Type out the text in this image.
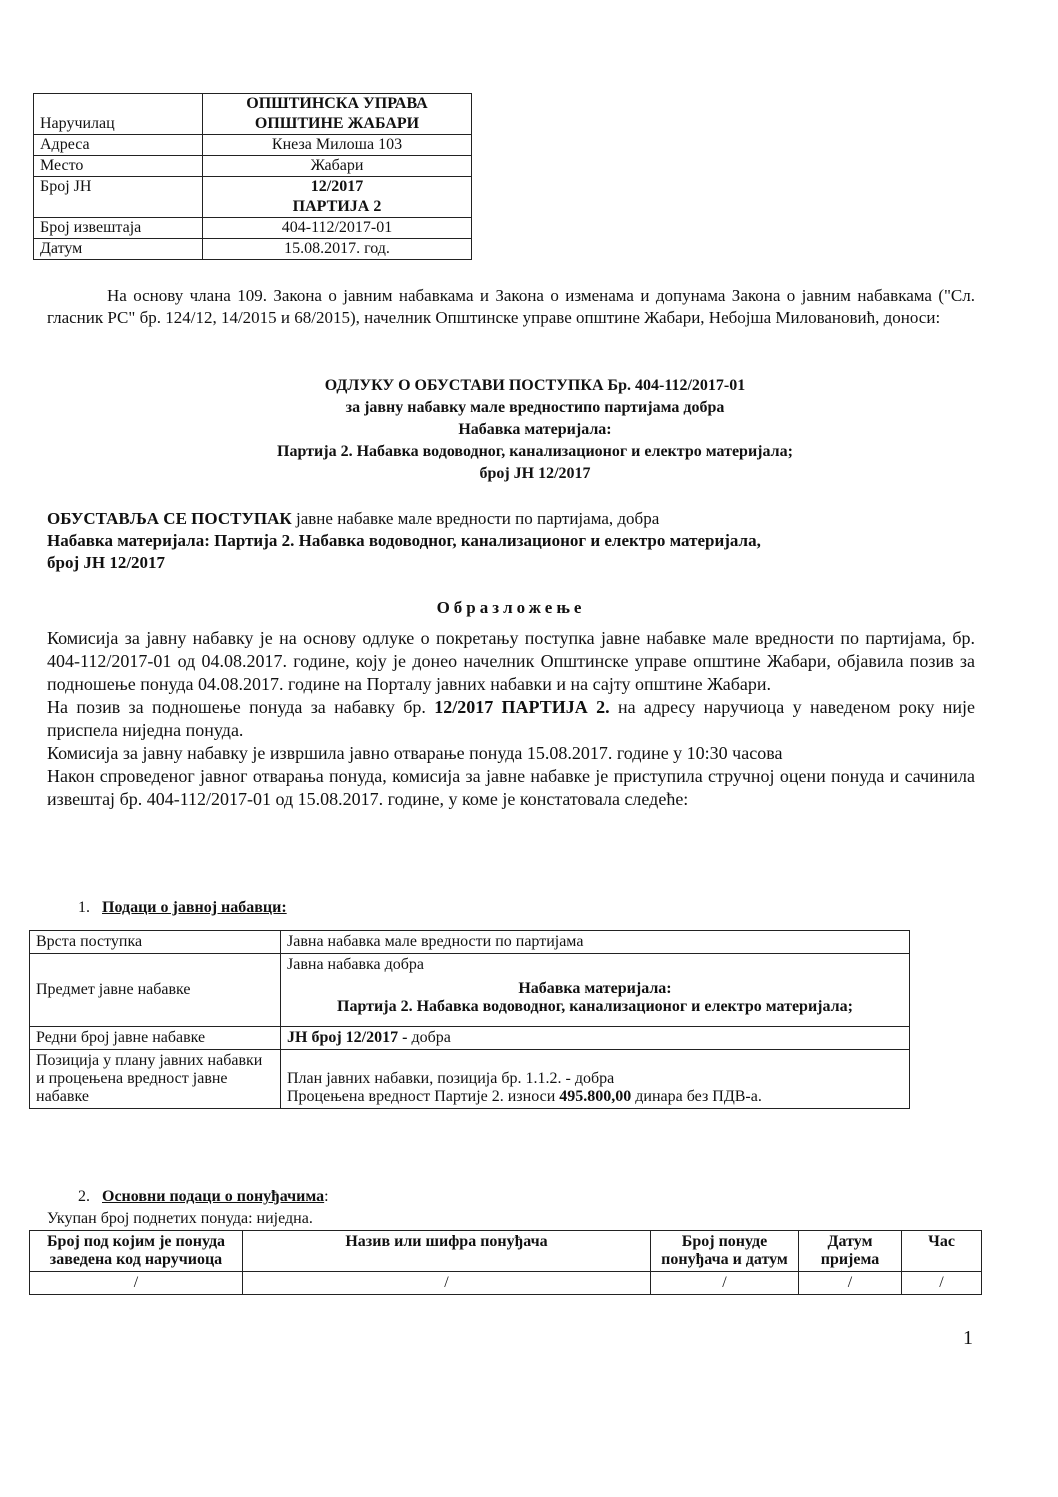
Наручилац	ОПШТИНСКА УПРАВА
ОПШТИНЕ ЖАБАРИ

Адреса	Кнеза Милоша 103
Место	Жабари
Број ЈН	12/2017
ПАРТИЈА 2

Број извештаја	404-112/2017-01
Датум	15.08.2017. год.
На основу члана 109. Закона о јавним набавкама и Закона о изменама и допунама Закона о јавним набавкама ("Сл. гласник РС" бр. 124/12, 14/2015 и 68/2015), начелник Општинске управе општине Жабари, Небојша Миловановић, доноси:
ОДЛУКУ О ОБУСТАВИ ПОСТУПКА Бр. 404-112/2017-01
за јавну набавку мале вредностипо партијама добра
Набавка материјала:
Партија 2. Набавка водоводног, канализационог и електро материјала;
број ЈН 12/2017
ОБУСТАВЉА СЕ ПОСТУПАК јавне набавке мале вредности по партијама, добра
Набавка материјала: Партија 2. Набавка водоводног, канализационог и електро материјала,
број ЈН 12/2017
Образложење

Комисија за јавну набавку је на основу одлуке о покретању поступка јавне набавке мале вредности по партијама, бр. 404-112/2017-01 од 04.08.2017. године, коју је донео начелник Општинске управе општине Жабари, објавила позив за подношење понуда 04.08.2017. године на Порталу јавних набавки и на сајту општине Жабари.

На позив за подношење понуда за набавку бр. 12/2017 ПАРТИЈА 2. на адресу наручиоца у наведеном року није приспела ниједна понуда.

Комисија за јавну набавку је извршила јавно отварање понуда 15.08.2017. године у 10:30 часова

Након спроведеног јавног отварања понуда, комисија за јавне набавке је приступила стручној оцени понуда и сачинила извештај бр. 404-112/2017-01 од 15.08.2017. године, у коме је констатовала следеће:

1. Подаци о јавној набавци:
Врста поступка	Јавна набавка мале вредности по партијама
Предмет јавне набавке	Јавна набавка добра
Набавка материјала:
Партија 2. Набавка водоводног, канализационог и електро материјала;

Редни број јавне набавке	ЈН број 12/2017 - добра
Позиција у плану јавних набавки и процењена вредност јавне набавке	План јавних набавки, позиција бр. 1.1.2. - добра
Процењена вредност Партије 2. износи 495.800,00 динара без ПДВ-а.
2. Основни подаци о понуђачима:
Укупан број поднетих понуда: ниједна.
Број под којим је понуда заведена код наручиоца	Назив или шифра понуђача	Број понуде понуђача и датум	Датум пријема	Час
/	/	/	/	/
1
